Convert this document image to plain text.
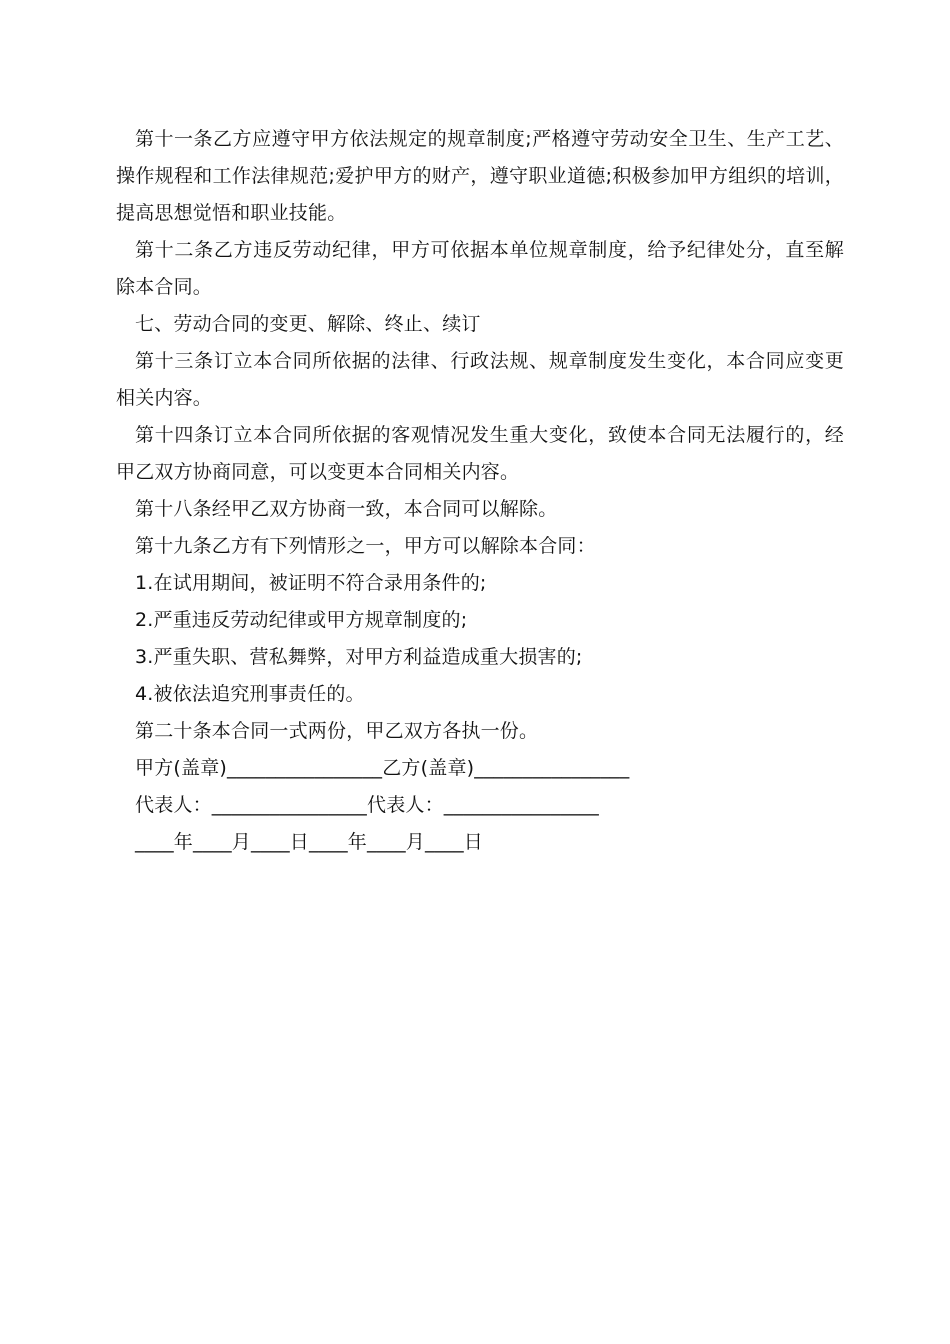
第十一条乙方应遵守甲方依法规定的规章制度;严格遵守劳动安全卫生、生产工艺、操作规程和工作法律规范;爱护甲方的财产，遵守职业道德;积极参加甲方组织的培训，提高思想觉悟和职业技能。

第十二条乙方违反劳动纪律，甲方可依据本单位规章制度，给予纪律处分，直至解除本合同。

七、劳动合同的变更、解除、终止、续订

第十三条订立本合同所依据的法律、行政法规、规章制度发生变化，本合同应变更相关内容。

第十四条订立本合同所依据的客观情况发生重大变化，致使本合同无法履行的，经甲乙双方协商同意，可以变更本合同相关内容。

第十八条经甲乙双方协商一致，本合同可以解除。

第十九条乙方有下列情形之一，甲方可以解除本合同：

1.在试用期间，被证明不符合录用条件的;

2.严重违反劳动纪律或甲方规章制度的;

3.严重失职、营私舞弊，对甲方利益造成重大损害的;

4.被依法追究刑事责任的。

第二十条本合同一式两份，甲乙双方各执一份。

甲方(盖章)________________乙方(盖章)________________

代表人：________________代表人：________________

____年____月____日____年____月____日
